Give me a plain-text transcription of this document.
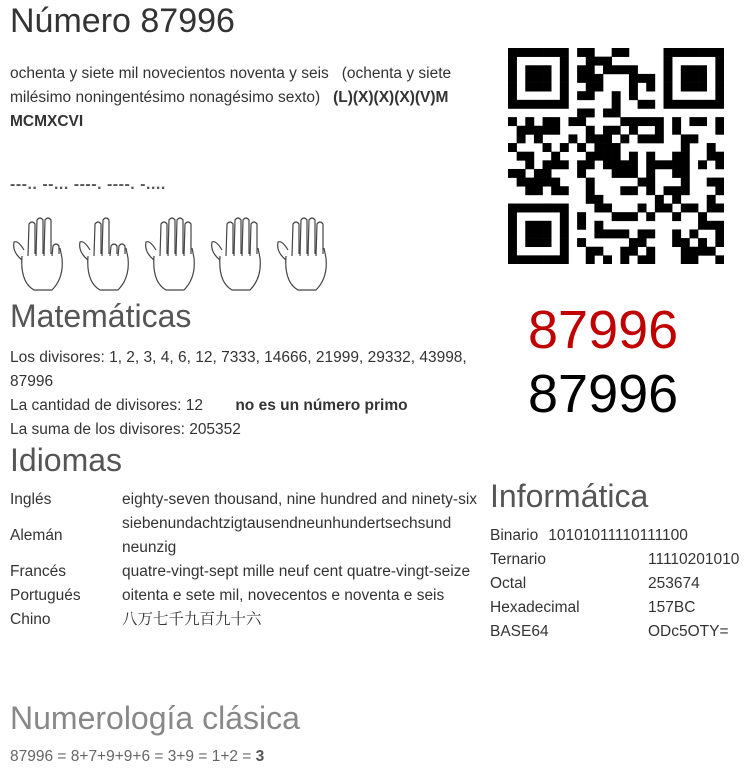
Número 87996
ochenta y siete mil novecientos noventa y seis (ochenta y siete milésimo noningentésimo nonagésimo sexto) (L)(X)(X)(X)(V)M MCMXCVI
---.. --... ----. ----. -....
87996
87996
Matemáticas
Los divisores: 1, 2, 3, 4, 6, 12, 7333, 14666, 21999, 29332, 43998, 87996
La cantidad de divisores: 12 no es un número primo
La suma de los divisores: 205352
Idiomas
Inglés	eighty-seven thousand, nine hundred and ninety-six
Alemán	siebenundachtzigtausendneunhundertsechsund neunzig
Francés	quatre-vingt-sept mille neuf cent quatre-vingt-seize
Portugués	oitenta e sete mil, novecentos e noventa e seis
Chino	八万七千九百九十六
Informática
Binario 10101011110111100
Ternario	11110201010
Octal	253674
Hexadecimal	157BC
BASE64	ODc5OTY=
Numerología clásica
87996 = 8+7+9+9+6 = 3+9 = 1+2 = 3
